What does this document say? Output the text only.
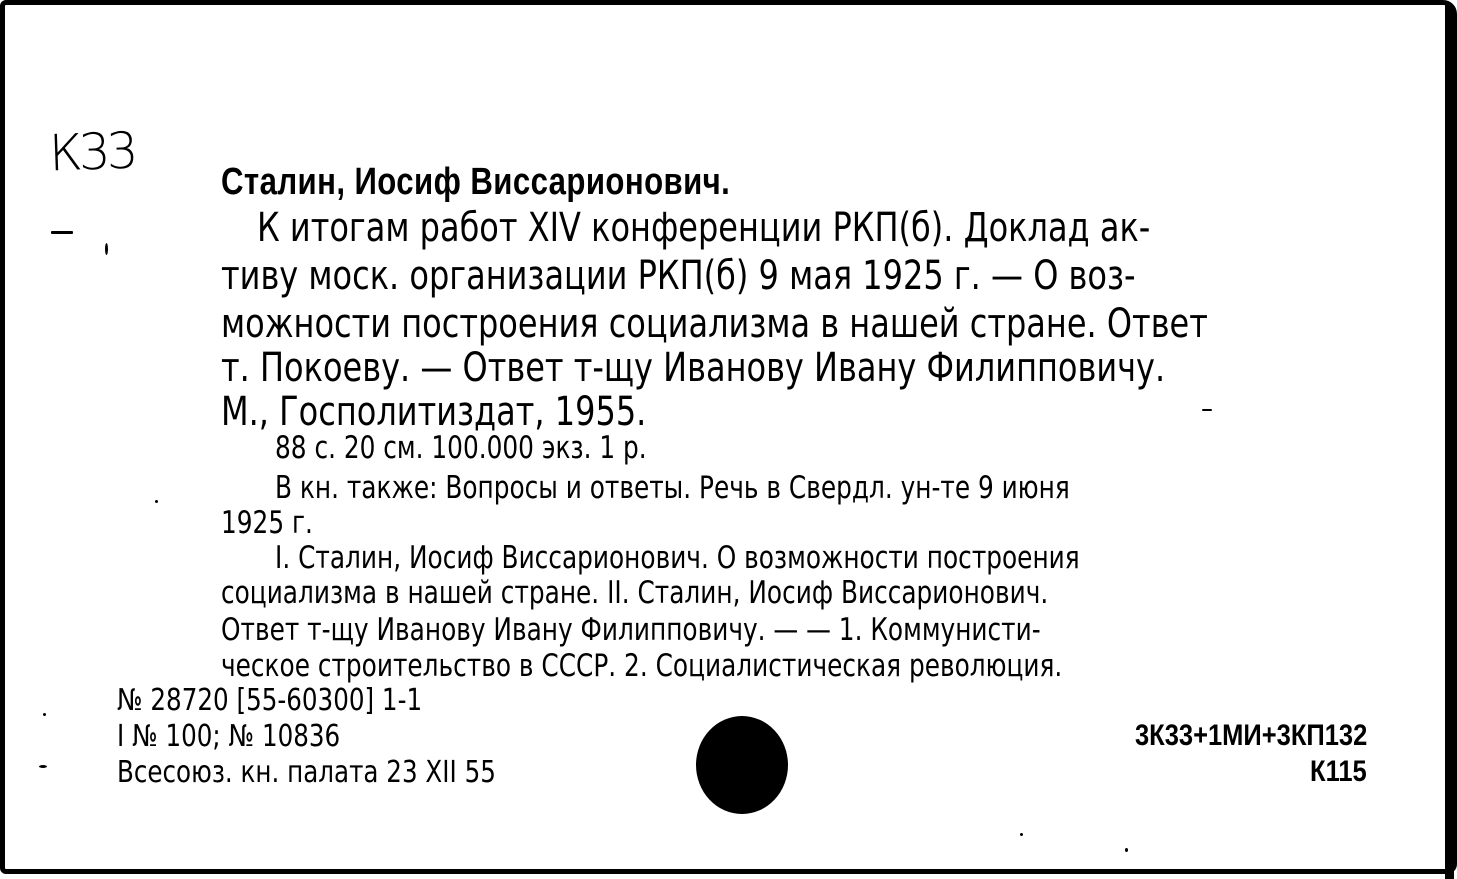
К33 Сталин, Иосиф Виссарионович.
К итогам работ XIV конференции РКП(б). Доклад ак-
тиву моск. организации РКП(б) 9 мая 1925 г. — О воз-
можности построения социализма в нашей стране. Ответ
т. Покоеву. — Ответ т-щу Иванову Ивану Филипповичу.
М., Госполитиздат, 1955.
88 с. 20 см. 100.000 экз. 1 р.
В кн. также: Вопросы и ответы. Речь в Свердл. ун-те 9 июня
1925 г.
I. Сталин, Иосиф Виссарионович. О возможности построения
социализма в нашей стране. II. Сталин, Иосиф Виссарионович.
Ответ т-щу Иванову Ивану Филипповичу. — — 1. Коммунисти-
ческое строительство в СССР. 2. Социалистическая революция.
№ 28720 [55-60300] 1-1
I № 100; № 10836
Всесоюз. кн. палата 23 XII 55
3К33+1МИ+3КП132
К115
